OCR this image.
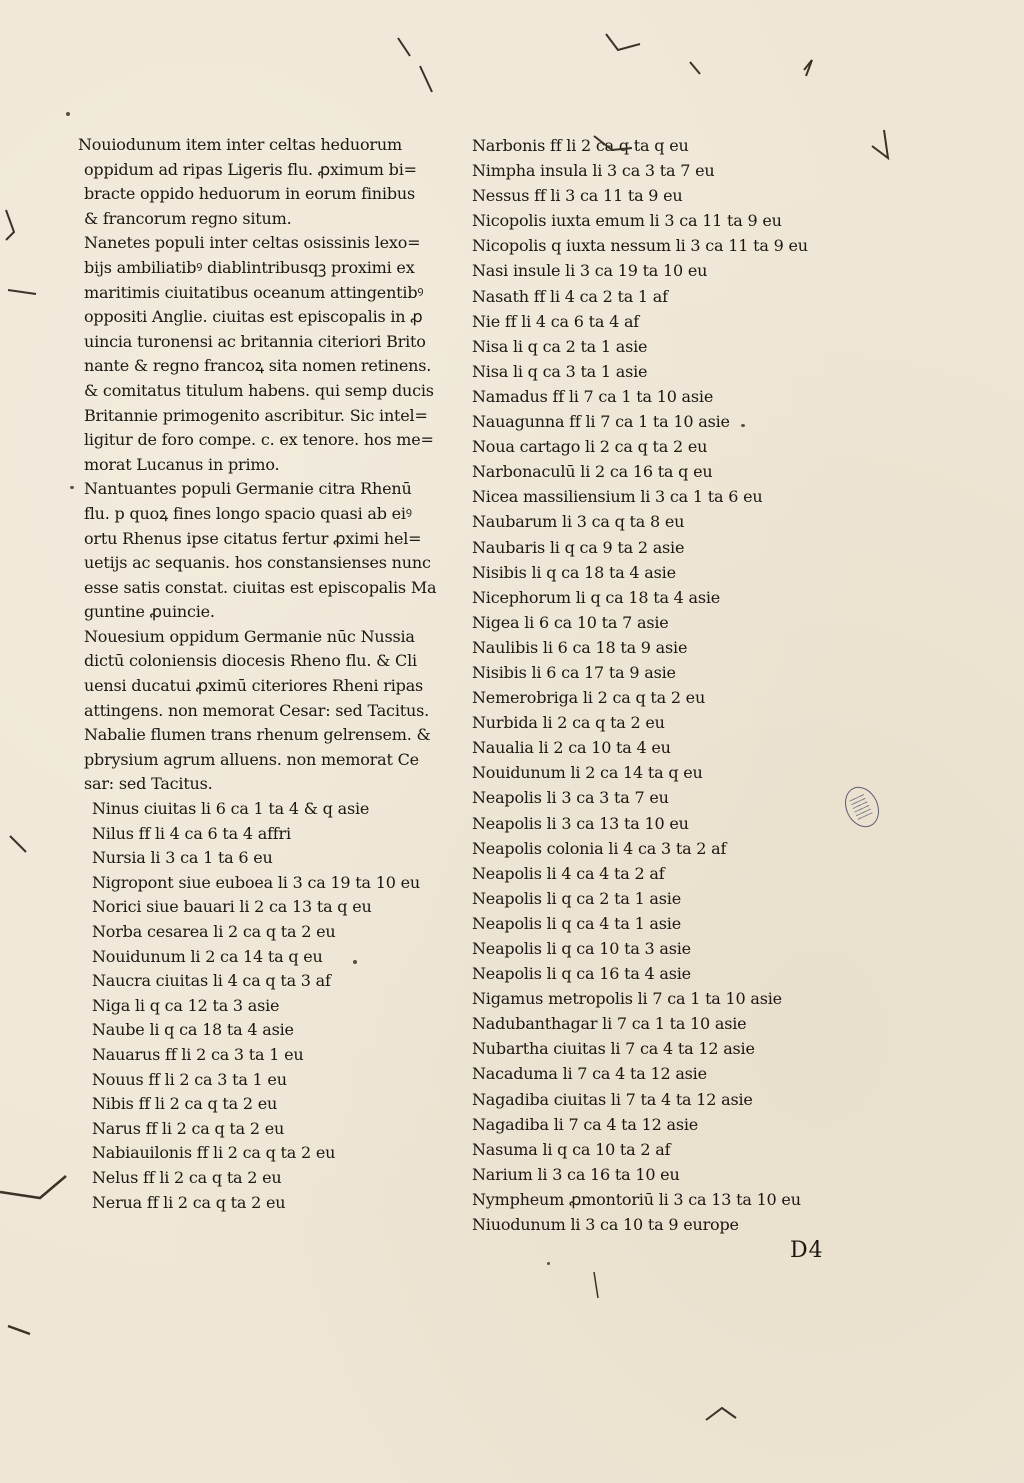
Nouiodunum item inter celtas heduorum
oppidum ad ripas Ligeris flu. ꝓximum bi=
bracte oppido heduorum in eorum finibus
& francorum regno situm.
Nanetes populi inter celtas osissinis lexo=
bijs ambiliatibꝰ diablintribusqꝫ proximi ex
maritimis ciuitatibus oceanum attingentibꝰ
oppositi Anglie. ciuitas est episcopalis in ꝓ
uincia turonensi ac britannia citeriori Brito
nante & regno francoꝝ sita nomen retinens.
& comitatus titulum habens. qui semp ducis
Britannie primogenito ascribitur. Sic intel=
ligitur de foro compe. c. ex tenore. hos me=
morat Lucanus in primo.
Nantuantes populi Germanie citra Rhenū
flu. p quoꝝ fines longo spacio quasi ab eiꝰ
ortu Rhenus ipse citatus fertur ꝓximi hel=
uetijs ac sequanis. hos constansienses nunc
esse satis constat. ciuitas est episcopalis Ma
guntine ꝓuincie.
Nouesium oppidum Germanie nūc Nussia
dictū coloniensis diocesis Rheno flu. & Cli
uensi ducatui ꝓximū citeriores Rheni ripas
attingens. non memorat Cesar: sed Tacitus.
Nabalie flumen trans rhenum gelrensem. &
pbrysium agrum alluens. non memorat Ce
sar: sed Tacitus.
Ninus ciuitas li 6 ca 1 ta 4 & q asie
Nilus ff li 4 ca 6 ta 4 affri
Nursia li 3 ca 1 ta 6 eu
Nigropont siue euboea li 3 ca 19 ta 10 eu
Norici siue bauari li 2 ca 13 ta q eu
Norba cesarea li 2 ca q ta 2 eu
Nouidunum li 2 ca 14 ta q eu
Naucra ciuitas li 4 ca q ta 3 af
Niga li q ca 12 ta 3 asie
Naube li q ca 18 ta 4 asie
Nauarus ff li 2 ca 3 ta 1 eu
Nouus ff li 2 ca 3 ta 1 eu
Nibis ff li 2 ca q ta 2 eu
Narus ff li 2 ca q ta 2 eu
Nabiauilonis ff li 2 ca q ta 2 eu
Nelus ff li 2 ca q ta 2 eu
Nerua ff li 2 ca q ta 2 eu
Narbonis ff li 2 ca q ta q eu
Nimpha insula li 3 ca 3 ta 7 eu
Nessus ff li 3 ca 11 ta 9 eu
Nicopolis iuxta emum li 3 ca 11 ta 9 eu
Nicopolis q iuxta nessum li 3 ca 11 ta 9 eu
Nasi insule li 3 ca 19 ta 10 eu
Nasath ff li 4 ca 2 ta 1 af
Nie ff li 4 ca 6 ta 4 af
Nisa li q ca 2 ta 1 asie
Nisa li q ca 3 ta 1 asie
Namadus ff li 7 ca 1 ta 10 asie
Nauagunna ff li 7 ca 1 ta 10 asie
Noua cartago li 2 ca q ta 2 eu
Narbonaculū li 2 ca 16 ta q eu
Nicea massiliensium li 3 ca 1 ta 6 eu
Naubarum li 3 ca q ta 8 eu
Naubaris li q ca 9 ta 2 asie
Nisibis li q ca 18 ta 4 asie
Nicephorum li q ca 18 ta 4 asie
Nigea li 6 ca 10 ta 7 asie
Naulibis li 6 ca 18 ta 9 asie
Nisibis li 6 ca 17 ta 9 asie
Nemerobriga li 2 ca q ta 2 eu
Nurbida li 2 ca q ta 2 eu
Naualia li 2 ca 10 ta 4 eu
Nouidunum li 2 ca 14 ta q eu
Neapolis li 3 ca 3 ta 7 eu
Neapolis li 3 ca 13 ta 10 eu
Neapolis colonia li 4 ca 3 ta 2 af
Neapolis li 4 ca 4 ta 2 af
Neapolis li q ca 2 ta 1 asie
Neapolis li q ca 4 ta 1 asie
Neapolis li q ca 10 ta 3 asie
Neapolis li q ca 16 ta 4 asie
Nigamus metropolis li 7 ca 1 ta 10 asie
Nadubanthagar li 7 ca 1 ta 10 asie
Nubartha ciuitas li 7 ca 4 ta 12 asie
Nacaduma li 7 ca 4 ta 12 asie
Nagadiba ciuitas li 7 ta 4 ta 12 asie
Nagadiba li 7 ca 4 ta 12 asie
Nasuma li q ca 10 ta 2 af
Narium li 3 ca 16 ta 10 eu
Nympheum ꝓmontoriū li 3 ca 13 ta 10 eu
Niuodunum li 3 ca 10 ta 9 europe
D4
